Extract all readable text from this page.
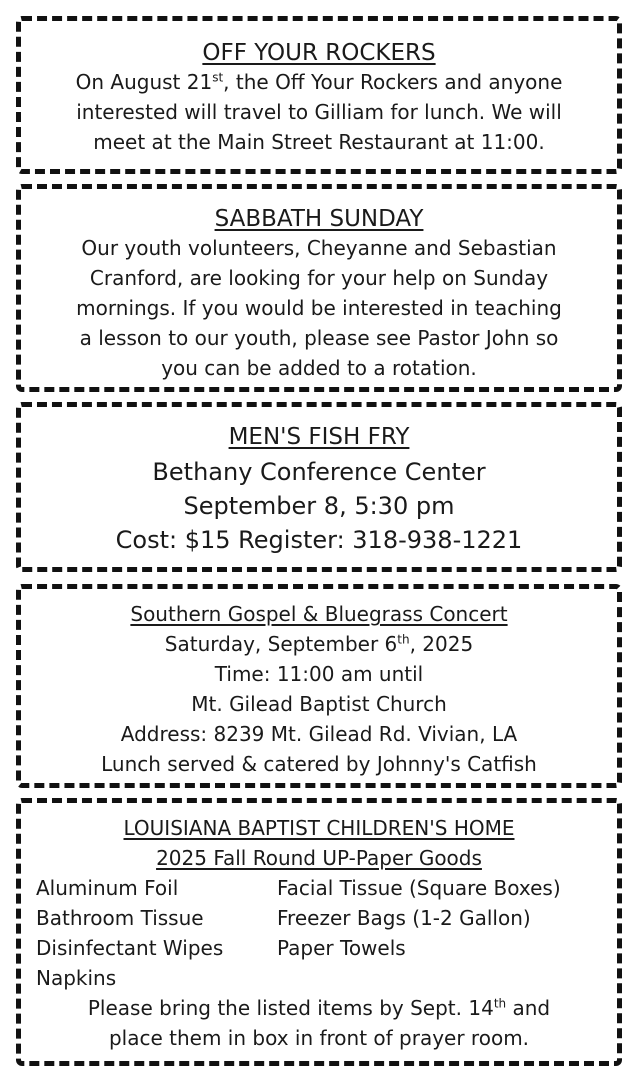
OFF YOUR ROCKERS
On August 21st, the Off Your Rockers and anyone
interested will travel to Gilliam for lunch. We will
meet at the Main Street Restaurant at 11:00.
SABBATH SUNDAY
Our youth volunteers, Cheyanne and Sebastian
Cranford, are looking for your help on Sunday
mornings. If you would be interested in teaching
a lesson to our youth, please see Pastor John so
you can be added to a rotation.
MEN'S FISH FRY
Bethany Conference Center
September 8, 5:30 pm
Cost: $15 Register: 318-938-1221
Southern Gospel & Bluegrass Concert
Saturday, September 6th, 2025
Time: 11:00 am until
Mt. Gilead Baptist Church
Address: 8239 Mt. Gilead Rd. Vivian, LA
Lunch served & catered by Johnny's Catfish
LOUISIANA BAPTIST CHILDREN'S HOME
2025 Fall Round UP-Paper Goods
Aluminum Foil
Bathroom Tissue
Disinfectant Wipes
Napkins
Facial Tissue (Square Boxes)
Freezer Bags (1-2 Gallon)
Paper Towels
Please bring the listed items by Sept. 14th and
place them in box in front of prayer room.
